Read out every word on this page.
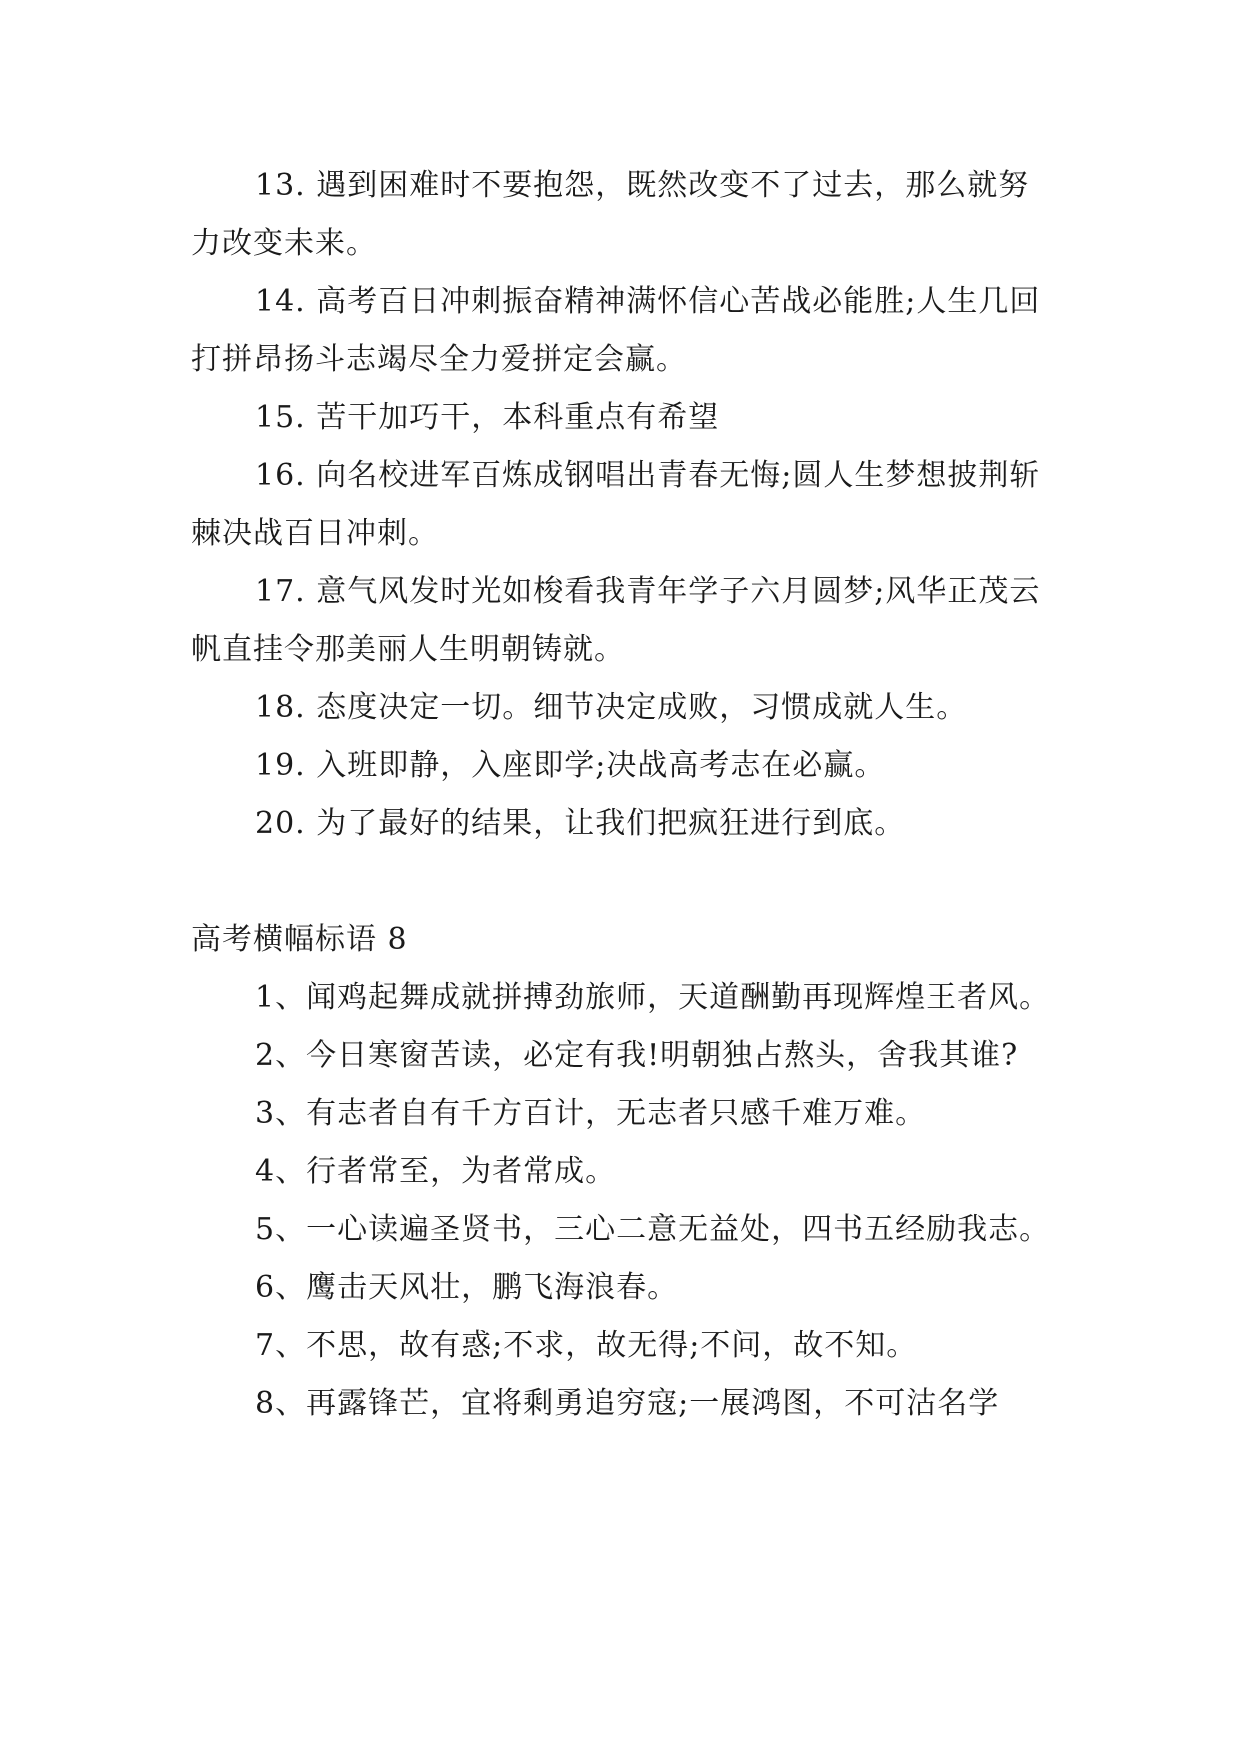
13. 遇到困难时不要抱怨，既然改变不了过去，那么就努力改变未来。

14. 高考百日冲刺振奋精神满怀信心苦战必能胜;人生几回打拼昂扬斗志竭尽全力爱拼定会赢。

15. 苦干加巧干，本科重点有希望

16. 向名校进军百炼成钢唱出青春无悔;圆人生梦想披荆斩棘决战百日冲刺。

17. 意气风发时光如梭看我青年学子六月圆梦;风华正茂云帆直挂令那美丽人生明朝铸就。

18. 态度决定一切。细节决定成败，习惯成就人生。

19. 入班即静，入座即学;决战高考志在必赢。

20. 为了最好的结果，让我们把疯狂进行到底。

高考横幅标语 8

1、闻鸡起舞成就拼搏劲旅师，天道酬勤再现辉煌王者风。

2、今日寒窗苦读，必定有我!明朝独占熬头，舍我其谁?

3、有志者自有千方百计，无志者只感千难万难。

4、行者常至，为者常成。

5、一心读遍圣贤书，三心二意无益处，四书五经励我志。

6、鹰击天风壮，鹏飞海浪春。

7、不思，故有惑;不求，故无得;不问，故不知。

8、再露锋芒，宜将剩勇追穷寇;一展鸿图，不可沽名学
